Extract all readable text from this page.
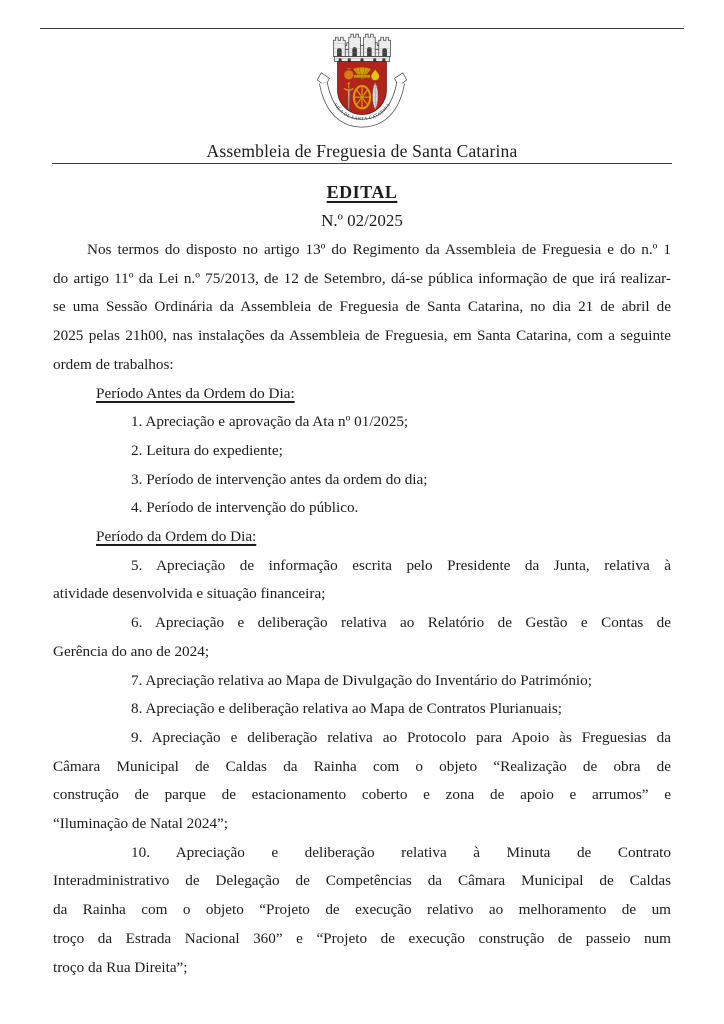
VILA DE SANTA CATARINA
Assembleia de Freguesia de Santa Catarina
EDITAL
N.º 02/2025
Nos termos do disposto no artigo 13º do Regimento da Assembleia de Freguesia e do n.º 1
do artigo 11º da Lei n.º 75/2013, de 12 de Setembro, dá-se pública informação de que irá realizar-
se uma Sessão Ordinária da Assembleia de Freguesia de Santa Catarina, no dia 21 de abril de
2025 pelas 21h00, nas instalações da Assembleia de Freguesia, em Santa Catarina, com a seguinte
ordem de trabalhos:
Período Antes da Ordem do Dia:
1. Apreciação e aprovação da Ata nº 01/2025;
2. Leitura do expediente;
3. Período de intervenção antes da ordem do dia;
4. Período de intervenção do público.
Período da Ordem do Dia:
5. Apreciação de informação escrita pelo Presidente da Junta, relativa à
atividade desenvolvida e situação financeira;
6. Apreciação e deliberação relativa ao Relatório de Gestão e Contas de
Gerência do ano de 2024;
7. Apreciação relativa ao Mapa de Divulgação do Inventário do Património;
8. Apreciação e deliberação relativa ao Mapa de Contratos Plurianuais;
9. Apreciação e deliberação relativa ao Protocolo para Apoio às Freguesias da
Câmara Municipal de Caldas da Rainha com o objeto “Realização de obra de
construção de parque de estacionamento coberto e zona de apoio e arrumos” e
“Iluminação de Natal 2024”;
10. Apreciação e deliberação relativa à Minuta de Contrato
Interadministrativo de Delegação de Competências da Câmara Municipal de Caldas
da Rainha com o objeto “Projeto de execução relativo ao melhoramento de um
troço da Estrada Nacional 360” e “Projeto de execução construção de passeio num
troço da Rua Direita”;
